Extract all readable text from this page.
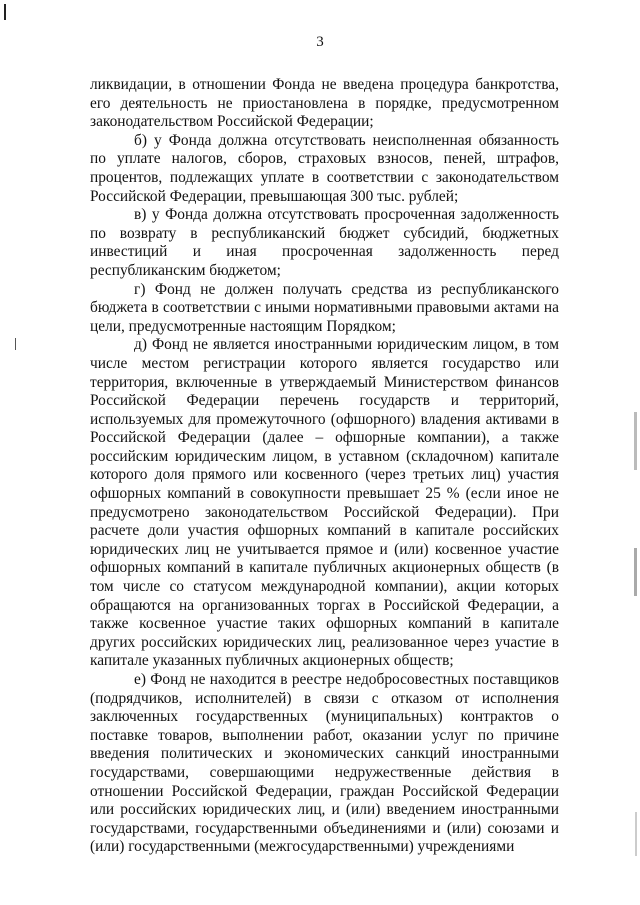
3

ликвидации, в отношении Фонда не введена процедура банкротства, его деятельность не приостановлена в порядке, предусмотренном законодательством Российской Федерации;

б) у Фонда должна отсутствовать неисполненная обязанность по уплате налогов, сборов, страховых взносов, пеней, штрафов, процентов, подлежащих уплате в соответствии с законодательством Российской Федерации, превышающая 300 тыс. рублей;

в) у Фонда должна отсутствовать просроченная задолженность по возврату в республиканский бюджет субсидий, бюджетных инвестиций и иная просроченная задолженность перед республиканским бюджетом;

г) Фонд не должен получать средства из республиканского бюджета в соответствии с иными нормативными правовыми актами на цели, предусмотренные настоящим Порядком;

д) Фонд не является иностранными юридическим лицом, в том числе местом регистрации которого является государство или территория, включенные в утверждаемый Министерством финансов Российской Федерации перечень государств и территорий, используемых для промежуточного (офшорного) владения активами в Российской Федерации (далее – офшорные компании), а также российским юридическим лицом, в уставном (складочном) капитале которого доля прямого или косвенного (через третьих лиц) участия офшорных компаний в совокупности превышает 25 % (если иное не предусмотрено законодательством Российской Федерации). При расчете доли участия офшорных компаний в капитале российских юридических лиц не учитывается прямое и (или) косвенное участие офшорных компаний в капитале публичных акционерных обществ (в том числе со статусом международной компании), акции которых обращаются на организованных торгах в Российской Федерации, а также косвенное участие таких офшорных компаний в капитале других российских юридических лиц, реализованное через участие в капитале указанных публичных акционерных обществ;

е) Фонд не находится в реестре недобросовестных поставщиков (подрядчиков, исполнителей) в связи с отказом от исполнения заключенных государственных (муниципальных) контрактов о поставке товаров, выполнении работ, оказании услуг по причине введения политических и экономических санкций иностранными государствами, совершающими недружественные действия в отношении Российской Федерации, граждан Российской Федерации или российских юридических лиц, и (или) введением иностранными государствами, государственными объединениями и (или) союзами и (или) государственными (межгосударственными) учреждениями
